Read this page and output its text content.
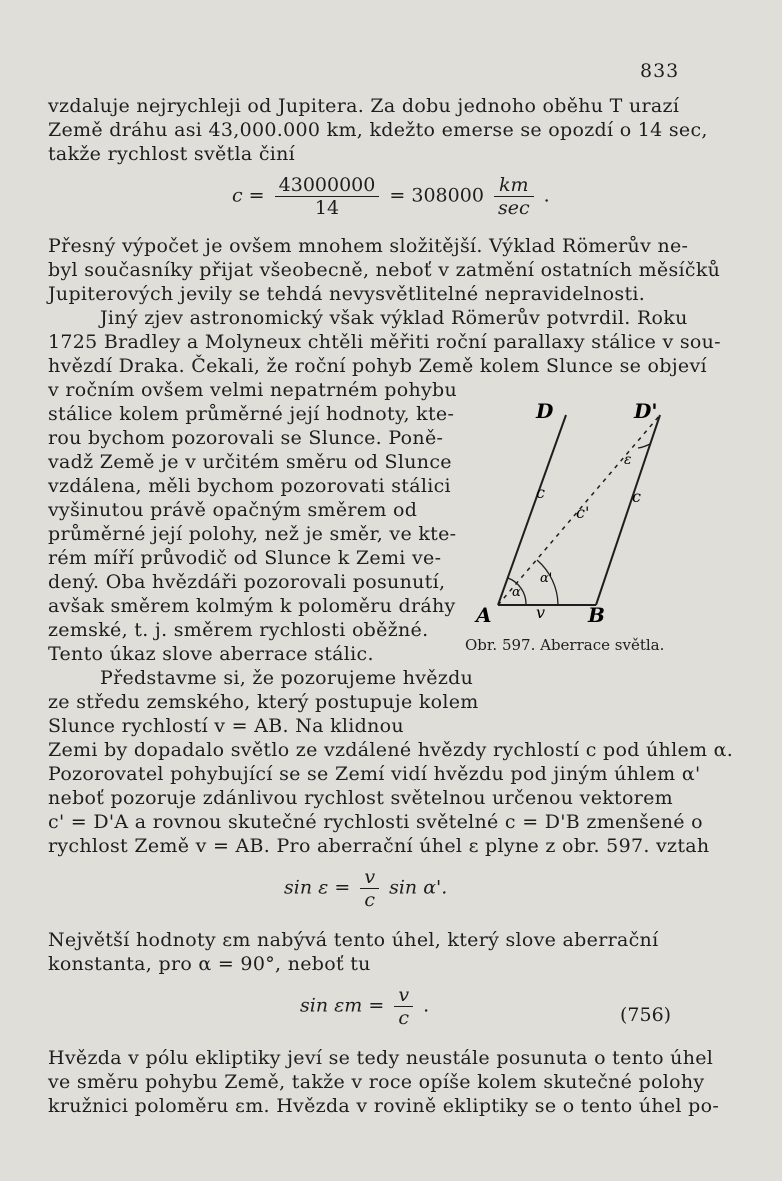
833
vzdaluje nejrychleji od Jupitera. Za dobu jednoho oběhu T urazí
Země dráhu asi 43,000.000 km, kdežto emerse se opozdí o 14 sec,
takže rychlost světla činí
$c = \frac{43000000}{14} = 308000 \frac{km}{\sec}$ .
Přesný výpočet je ovšem mnohem složitější. Výklad Römerův ne-
byl současníky přijat všeobecně, neboť v zatmění ostatních měsíčků
Jupiterových jevily se tehdá nevysvětlitelné nepravidelnosti.
Jiný zjev astronomický však výklad Römerův potvrdil. Roku
1725 Bradley a Molyneux chtěli měřiti roční parallaxy stálice v sou-
hvězdí Draka. Čekali, že roční pohyb Země kolem Slunce se objeví
v ročním ovšem velmi nepatrném pohybu
stálice kolem průměrné její hodnoty, kte-
rou bychom pozorovali se Slunce. Poně-
vadž Země je v určitém směru od Slunce
vzdálena, měli bychom pozorovati stálici
vyšinutou právě opačným směrem od
průměrné její polohy, než je směr, ve kte-
rém míří průvodič od Slunce k Zemi ve-
dený. Oba hvězdáři pozorovali posunutí,
avšak směrem kolmým k poloměru dráhy
zemské, t. j. směrem rychlosti oběžné.
Tento úkaz slove aberrace stálic.
Představme si, že pozorujeme hvězdu
ze středu zemského, který postupuje kolem
Slunce rychlostí v = AB. Na klidnou
D	D'
A	B
c	c
c'
v
ε
α
α'
Obr. 597. Aberrace světla.
Zemi by dopadalo světlo ze vzdálené hvězdy rychlostí c pod úhlem α.
Pozorovatel pohybující se se Zemí vidí hvězdu pod jiným úhlem α'
neboť pozoruje zdánlivou rychlost světelnou určenou vektorem
c' = D'A a rovnou skutečné rychlosti světelné c = D'B zmenšené o
rychlost Země v = AB. Pro aberrační úhel ε plyne z obr. 597. vztah
$\sin \varepsilon = \frac{v}{c}$ sin α'.
Největší hodnoty εm nabývá tento úhel, který slove aberrační
konstanta, pro α = 90°, neboť tu
$\sin \varepsilon m = \frac{v}{c}$ .	(756)
Hvězda v pólu ekliptiky jeví se tedy neustále posunuta o tento úhel
ve směru pohybu Země, takže v roce opíše kolem skutečné polohy
kružnici poloměru εm. Hvězda v rovině ekliptiky se o tento úhel po-
